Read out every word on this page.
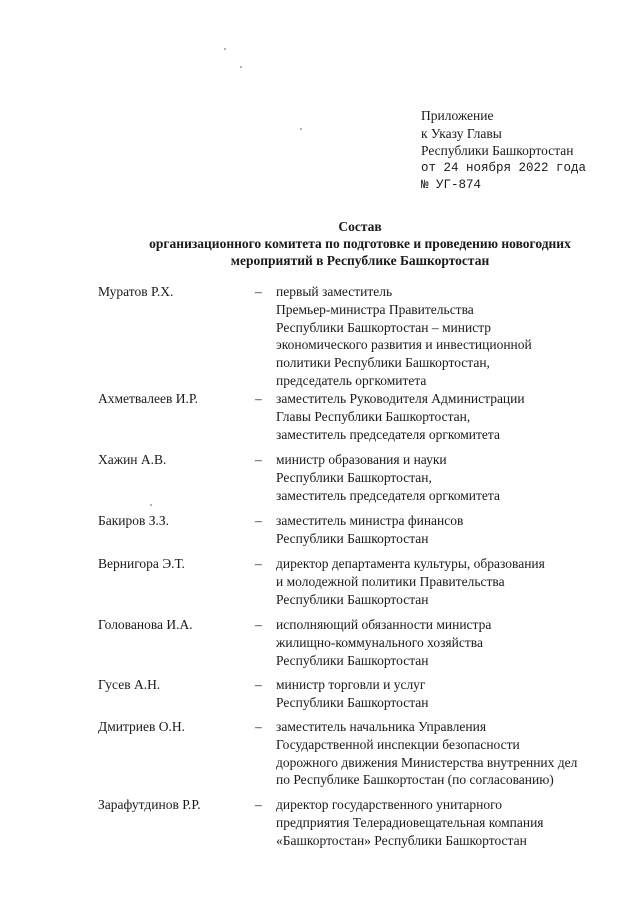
Приложение
к Указу Главы
Республики Башкортостан
от 24 ноября 2022 года
№ УГ-874
Состав
организационного комитета по подготовке и проведению новогодних
мероприятий в Республике Башкортостан
Муратов Р.Х.	– первый заместитель
Премьер-министра Правительства
Республики Башкортостан – министр
экономического развития и инвестиционной
политики Республики Башкортостан,
председатель оргкомитета
Ахметвалеев И.Р.	– заместитель Руководителя Администрации
Главы Республики Башкортостан,
заместитель председателя оргкомитета
Хажин А.В.	– министр образования и науки
Республики Башкортостан,
заместитель председателя оргкомитета
Бакиров З.З.	– заместитель министра финансов
Республики Башкортостан
Вернигора Э.Т.	– директор департамента культуры, образования
и молодежной политики Правительства
Республики Башкортостан
Голованова И.А.	– исполняющий обязанности министра
жилищно-коммунального хозяйства
Республики Башкортостан
Гусев А.Н.	– министр торговли и услуг
Республики Башкортостан
Дмитриев О.Н.	– заместитель начальника Управления
Государственной инспекции безопасности
дорожного движения Министерства внутренних дел
по Республике Башкортостан (по согласованию)
Зарафутдинов Р.Р.	– директор государственного унитарного
предприятия Телерадиовещательная компания
«Башкортостан» Республики Башкортостан
